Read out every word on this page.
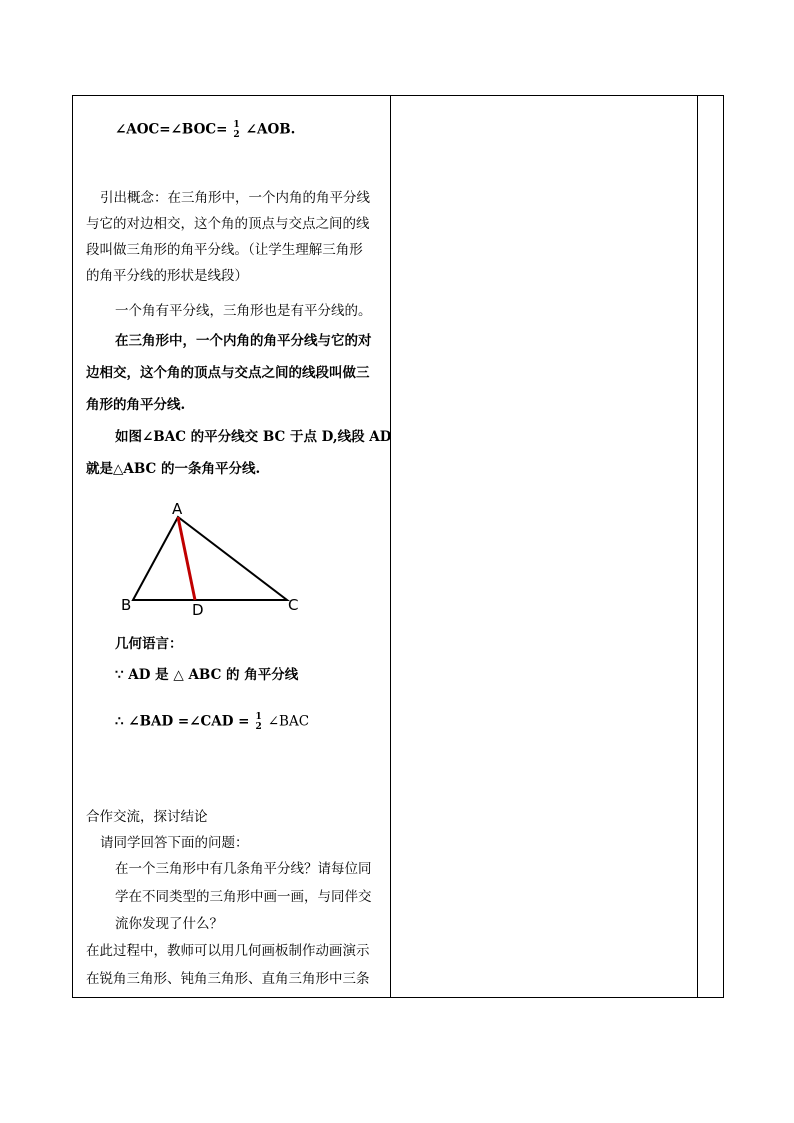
∠AOC=∠BOC= 1
2 ∠AOB.
引出概念：在三角形中，一个内角的角平分线
与它的对边相交，这个角的顶点与交点之间的线
段叫做三角形的角平分线。（让学生理解三角形
的角平分线的形状是线段）
一个角有平分线，三角形也是有平分线的。
在三角形中，一个内角的角平分线与它的对
边相交，这个角的顶点与交点之间的线段叫做三
角形的角平分线.
如图∠BAC 的平分线交 BC 于点 D,线段 AD
就是△ABC 的一条角平分线.
A
B	C
D
几何语言：
∵ AD 是 △ ABC 的 角平分线
∴ ∠BAD =∠CAD = 1
2 ∠BAC
合作交流，探讨结论
请同学回答下面的问题：
在一个三角形中有几条角平分线？请每位同
学在不同类型的三角形中画一画，与同伴交
流你发现了什么？
在此过程中，教师可以用几何画板制作动画演示
在锐角三角形、钝角三角形、直角三角形中三条
